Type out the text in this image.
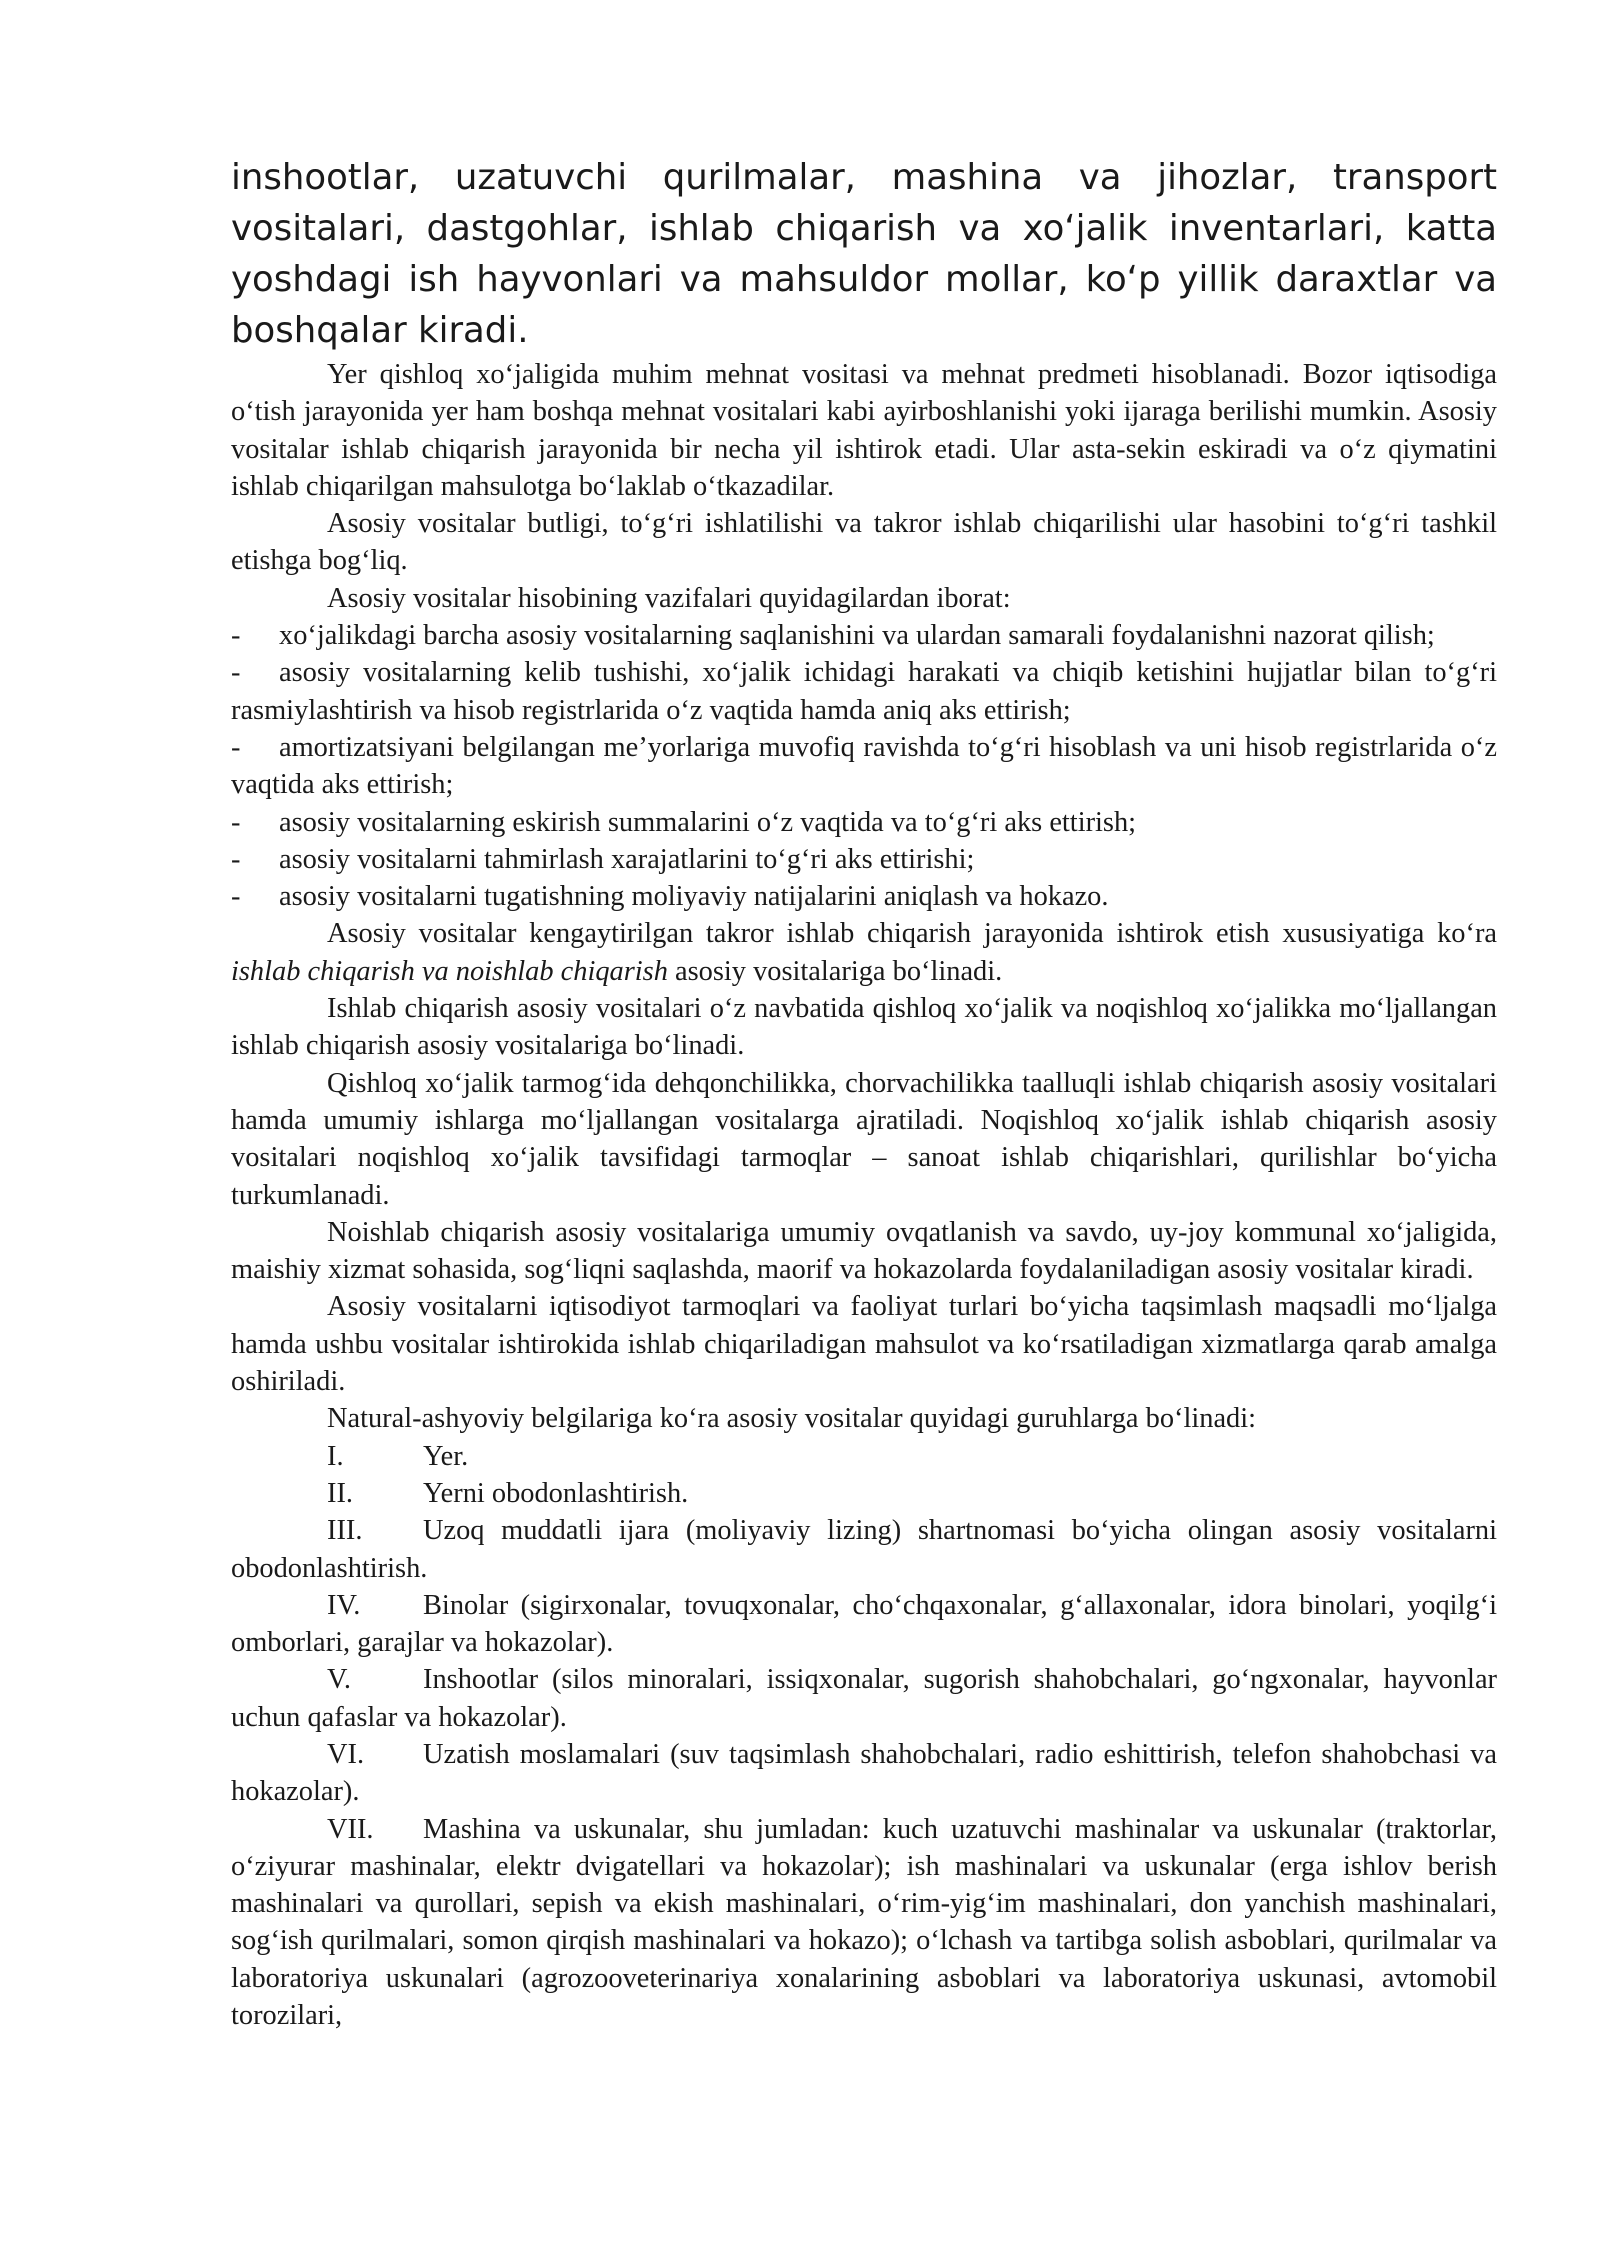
inshootlar, uzatuvchi qurilmalar, mashina va jihozlar, transport vositalari, dastgohlar, ishlab chiqarish va xo‘jalik inventarlari, katta yoshdagi ish hayvonlari va mahsuldor mollar, ko‘p yillik daraxtlar va boshqalar kiradi.

Yer qishloq xo‘jaligida muhim mehnat vositasi va mehnat predmeti hisoblanadi. Bozor iqtisodiga o‘tish jarayonida yer ham boshqa mehnat vositalari kabi ayirboshlanishi yoki ijaraga berilishi mumkin. Asosiy vositalar ishlab chiqarish jarayonida bir necha yil ishtirok etadi. Ular asta-sekin eskiradi va o‘z qiymatini ishlab chiqarilgan mahsulotga bo‘laklab o‘tkazadilar.

Asosiy vositalar butligi, to‘g‘ri ishlatilishi va takror ishlab chiqarilishi ular hasobini to‘g‘ri tashkil etishga bog‘liq.

Asosiy vositalar hisobining vazifalari quyidagilardan iborat:

- xo‘jalikdagi barcha asosiy vositalarning saqlanishini va ulardan samarali foydalanishni nazorat qilish;

- asosiy vositalarning kelib tushishi, xo‘jalik ichidagi harakati va chiqib ketishini hujjatlar bilan to‘g‘ri rasmiylashtirish va hisob registrlarida o‘z vaqtida hamda aniq aks ettirish;

- amortizatsiyani belgilangan me’yorlariga muvofiq ravishda to‘g‘ri hisoblash va uni hisob registrlarida o‘z vaqtida aks ettirish;

- asosiy vositalarning eskirish summalarini o‘z vaqtida va to‘g‘ri aks ettirish;

- asosiy vositalarni tahmirlash xarajatlarini to‘g‘ri aks ettirishi;

- asosiy vositalarni tugatishning moliyaviy natijalarini aniqlash va hokazo.

Asosiy vositalar kengaytirilgan takror ishlab chiqarish jarayonida ishtirok etish xususiyatiga ko‘ra ishlab chiqarish va noishlab chiqarish asosiy vositalariga bo‘linadi.

Ishlab chiqarish asosiy vositalari o‘z navbatida qishloq xo‘jalik va noqishloq xo‘jalikka mo‘ljallangan ishlab chiqarish asosiy vositalariga bo‘linadi.

Qishloq xo‘jalik tarmog‘ida dehqonchilikka, chorvachilikka taalluqli ishlab chiqarish asosiy vositalari hamda umumiy ishlarga mo‘ljallangan vositalarga ajratiladi. Noqishloq xo‘jalik ishlab chiqarish asosiy vositalari noqishloq xo‘jalik tavsifidagi tarmoqlar – sanoat ishlab chiqarishlari, qurilishlar bo‘yicha turkumlanadi.

Noishlab chiqarish asosiy vositalariga umumiy ovqatlanish va savdo, uy-joy kommunal xo‘jaligida, maishiy xizmat sohasida, sog‘liqni saqlashda, maorif va hokazolarda foydalaniladigan asosiy vositalar kiradi.

Asosiy vositalarni iqtisodiyot tarmoqlari va faoliyat turlari bo‘yicha taqsimlash maqsadli mo‘ljalga hamda ushbu vositalar ishtirokida ishlab chiqariladigan mahsulot va ko‘rsatiladigan xizmatlarga qarab amalga oshiriladi.

Natural-ashyoviy belgilariga ko‘ra asosiy vositalar quyidagi guruhlarga bo‘linadi:

I.	Yer.

II. Yerni obodonlashtirish.

III. Uzoq muddatli ijara (moliyaviy lizing) shartnomasi bo‘yicha olingan asosiy vositalarni obodonlashtirish.

IV. Binolar (sigirxonalar, tovuqxonalar, cho‘chqaxonalar, g‘allaxonalar, idora binolari, yoqilg‘i omborlari, garajlar va hokazolar).

V.	Inshootlar (silos minoralari, issiqxonalar, sugorish shahobchalari, go‘ngxonalar, hayvonlar uchun qafaslar va hokazolar).

VI. Uzatish moslamalari (suv taqsimlash shahobchalari, radio eshittirish, telefon shahobchasi va hokazolar).

VII. Mashina va uskunalar, shu jumladan: kuch uzatuvchi mashinalar va uskunalar (traktorlar, o‘ziyurar mashinalar, elektr dvigatellari va hokazolar); ish mashinalari va uskunalar (erga ishlov berish mashinalari va qurollari, sepish va ekish mashinalari, o‘rim-yig‘im mashinalari, don yanchish mashinalari, sog‘ish qurilmalari, somon qirqish mashinalari va hokazo); o‘lchash va tartibga solish asboblari, qurilmalar va laboratoriya uskunalari (agrozooveterinariya xonalarining asboblari va laboratoriya uskunasi, avtomobil torozilari,
